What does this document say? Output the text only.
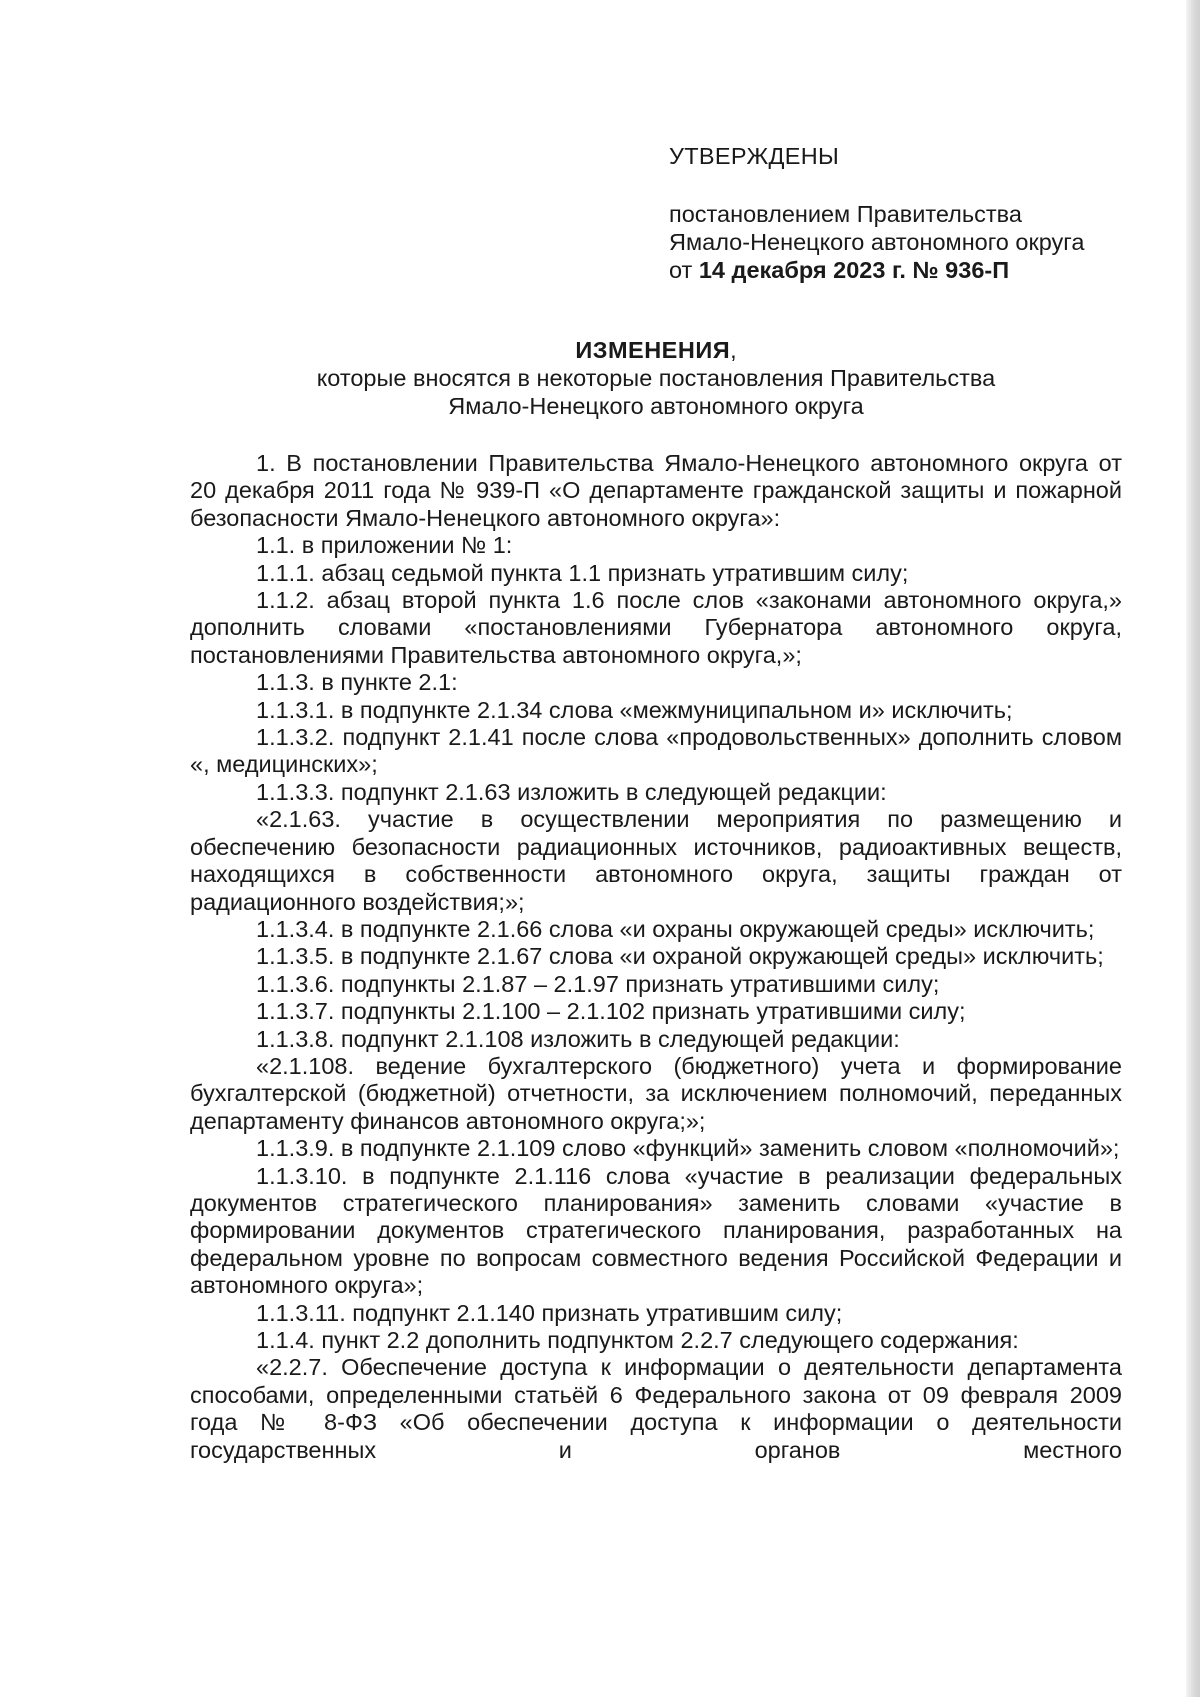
УТВЕРЖДЕНЫ
постановлением Правительства
Ямало-Ненецкого автономного округа
от 14 декабря 2023 г. № 936-П
ИЗМЕНЕНИЯ,
которые вносятся в некоторые постановления Правительства
Ямало-Ненецкого автономного округа

1. В постановлении Правительства Ямало-Ненецкого автономного округа от 20 декабря 2011 года № 939-П «О департаменте гражданской защиты и пожарной безопасности Ямало-Ненецкого автономного округа»:

1.1. в приложении № 1:

1.1.1. абзац седьмой пункта 1.1 признать утратившим силу;

1.1.2. абзац второй пункта 1.6 после слов «законами автономного округа,» дополнить словами «постановлениями Губернатора автономного округа, постановлениями Правительства автономного округа,»;

1.1.3. в пункте 2.1:

1.1.3.1. в подпункте 2.1.34 слова «межмуниципальном и» исключить;

1.1.3.2. подпункт 2.1.41 после слова «продовольственных» дополнить словом «, медицинских»;

1.1.3.3. подпункт 2.1.63 изложить в следующей редакции:

«2.1.63. участие в осуществлении мероприятия по размещению и обеспечению безопасности радиационных источников, радиоактивных веществ, находящихся в собственности автономного округа, защиты граждан от радиационного воздействия;»;

1.1.3.4. в подпункте 2.1.66 слова «и охраны окружающей среды» исключить;

1.1.3.5. в подпункте 2.1.67 слова «и охраной окружающей среды» исключить;

1.1.3.6. подпункты 2.1.87 – 2.1.97 признать утратившими силу;

1.1.3.7. подпункты 2.1.100 – 2.1.102 признать утратившими силу;

1.1.3.8. подпункт 2.1.108 изложить в следующей редакции:

«2.1.108. ведение бухгалтерского (бюджетного) учета и формирование бухгалтерской (бюджетной) отчетности, за исключением полномочий, переданных департаменту финансов автономного округа;»;

1.1.3.9. в подпункте 2.1.109 слово «функций» заменить словом «полномочий»;

1.1.3.10. в подпункте 2.1.116 слова «участие в реализации федеральных документов стратегического планирования» заменить словами «участие в формировании документов стратегического планирования, разработанных на федеральном уровне по вопросам совместного ведения Российской Федерации и автономного округа»;

1.1.3.11. подпункт 2.1.140 признать утратившим силу;

1.1.4. пункт 2.2 дополнить подпунктом 2.2.7 следующего содержания:

«2.2.7. Обеспечение доступа к информации о деятельности департамента способами, определенными статьёй 6 Федерального закона от 09 февраля 2009 года № 8-ФЗ «Об обеспечении доступа к информации о деятельности государственных и органов местного
